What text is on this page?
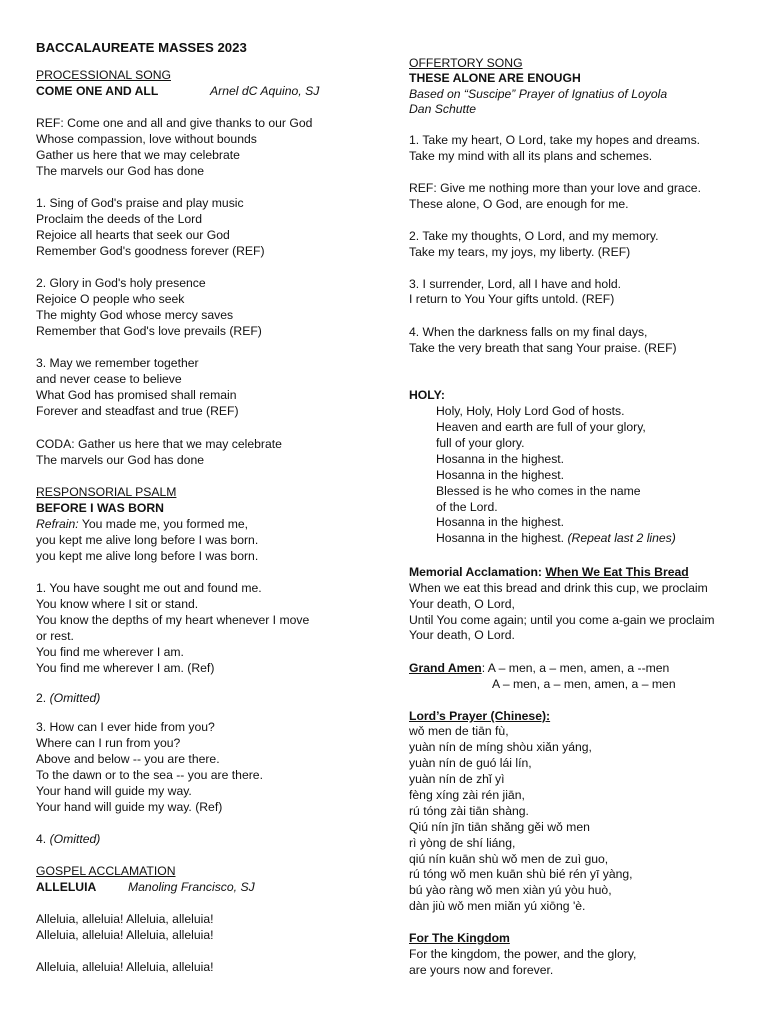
BACCALAUREATE MASSES 2023
PROCESSIONAL SONG
COME ONE AND ALL	Arnel dC Aquino, SJ
REF: Come one and all and give thanks to our God
Whose compassion, love without bounds
Gather us here that we may celebrate
The marvels our God has done
1. Sing of God's praise and play music
Proclaim the deeds of the Lord
Rejoice all hearts that seek our God
Remember God's goodness forever (REF)
2. Glory in God's holy presence
Rejoice O people who seek
The mighty God whose mercy saves
Remember that God's love prevails (REF)
3. May we remember together
and never cease to believe
What God has promised shall remain
Forever and steadfast and true (REF)
CODA: Gather us here that we may celebrate
The marvels our God has done
RESPONSORIAL PSALM
BEFORE I WAS BORN
Refrain: You made me, you formed me,
you kept me alive long before I was born.
you kept me alive long before I was born.
1. You have sought me out and found me.
You know where I sit or stand.
You know the depths of my heart whenever I move
or rest.
You find me wherever I am.
You find me wherever I am. (Ref)
2. (Omitted)
3. How can I ever hide from you?
Where can I run from you?
Above and below -- you are there.
To the dawn or to the sea -- you are there.
Your hand will guide my way.
Your hand will guide my way. (Ref)
4. (Omitted)
GOSPEL ACCLAMATION
ALLELUIA	Manoling Francisco, SJ
Alleluia, alleluia! Alleluia, alleluia!
Alleluia, alleluia! Alleluia, alleluia!
Alleluia, alleluia! Alleluia, alleluia!
OFFERTORY SONG
THESE ALONE ARE ENOUGH
Based on “Suscipe” Prayer of Ignatius of Loyola
Dan Schutte
1. Take my heart, O Lord, take my hopes and dreams.
Take my mind with all its plans and schemes.
REF: Give me nothing more than your love and grace.
These alone, O God, are enough for me.
2. Take my thoughts, O Lord, and my memory.
Take my tears, my joys, my liberty. (REF)
3. I surrender, Lord, all I have and hold.
I return to You Your gifts untold. (REF)
4. When the darkness falls on my final days,
Take the very breath that sang Your praise. (REF)
HOLY:
Holy, Holy, Holy Lord God of hosts.
Heaven and earth are full of your glory,
full of your glory.
Hosanna in the highest.
Hosanna in the highest.
Blessed is he who comes in the name
of the Lord.
Hosanna in the highest.
Hosanna in the highest. (Repeat last 2 lines)
Memorial Acclamation: When We Eat This Bread
When we eat this bread and drink this cup, we proclaim
Your death, O Lord,
Until You come again; until you come a-gain we proclaim
Your death, O Lord.
Grand Amen: A – men, a – men, amen, a --men
A – men, a – men, amen, a – men
Lord’s Prayer (Chinese):
wǒ men de tiān fù,
yuàn nín de míng shòu xiǎn yáng,
yuàn nín de guó lái lín,
yuàn nín de zhǐ yì
fèng xíng zài rén jiān,
rú tóng zài tiān shàng.
Qiú nín jīn tiān shǎng gěi wǒ men
rì yòng de shí liáng,
qiú nín kuān shù wǒ men de zuì guo,
rú tóng wǒ men kuān shù bié rén yī yàng,
bú yào ràng wǒ men xiàn yú yòu huò,
dàn jiù wǒ men miǎn yú xiōng 'è.
For The Kingdom
For the kingdom, the power, and the glory,
are yours now and forever.
